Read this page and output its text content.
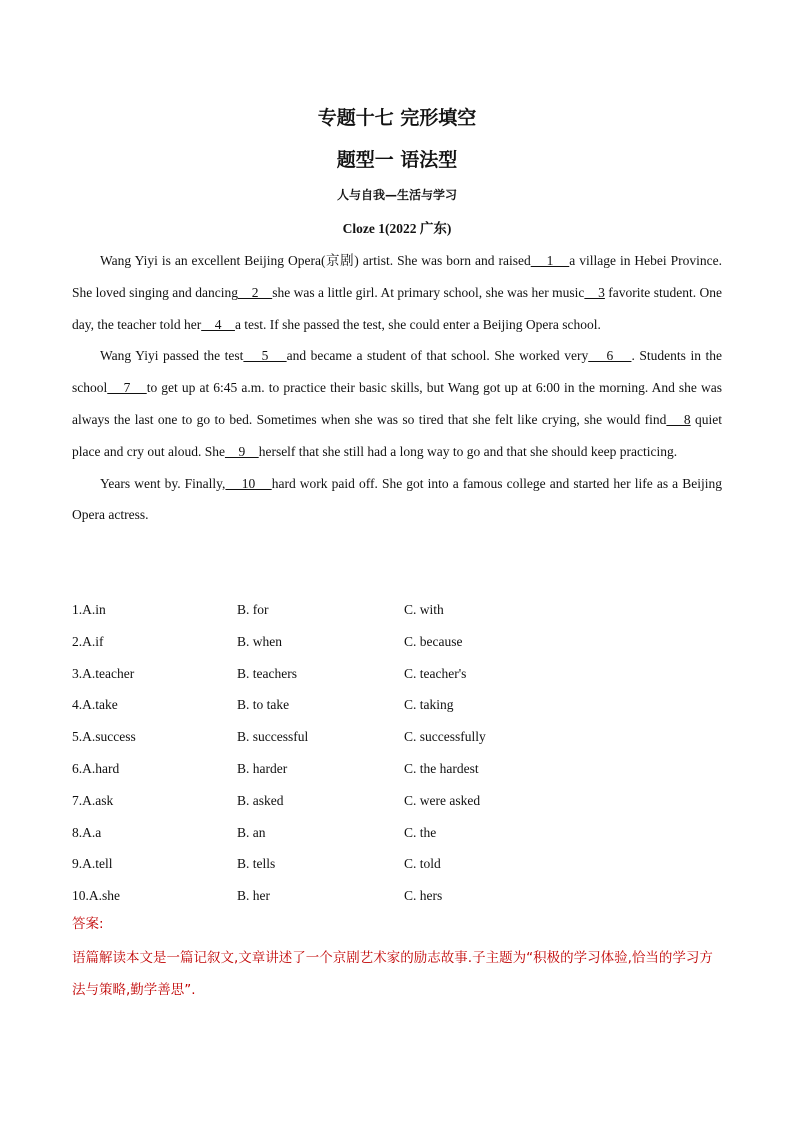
专题十七 完形填空
题型一 语法型
人与自我—生活与学习
Cloze 1(2022 广东)

Wang Yiyi is an excellent Beijing Opera(京剧) artist. She was born and raised    1    a village in Hebei Province. She loved singing and dancing    2    she was a little girl. At primary school, she was her music    3 favorite student. One day, the teacher told her    4    a test. If she passed the test, she could enter a Beijing Opera school.

Wang Yiyi passed the test    5    and became a student of that school. She worked very    6    . Students in the school    7    to get up at 6:45 a.m. to practice their basic skills, but Wang got up at 6:00 in the morning. And she was always the last one to go to bed. Sometimes when she was so tired that she felt like crying, she would find    8 quiet place and cry out aloud. She    9    herself that she still had a long way to go and that she should keep practicing.

Years went by. Finally,    10    hard work paid off. She got into a famous college and started her life as a Beijing Opera actress.

1.A.in	B. for	C. with
2.A.if	B. when	C. because
3.A.teacher	B. teachers	C. teacher's
4.A.take	B. to take	C. taking
5.A.success	B. successful	C. successfully
6.A.hard	B. harder	C. the hardest
7.A.ask	B. asked	C. were asked
8.A.a	B. an	C. the
9.A.tell	B. tells	C. told
10.A.she	B. her	C. hers
答案:
语篇解读本文是一篇记叙文,文章讲述了一个京剧艺术家的励志故事.子主题为“积极的学习体验,恰当的学习方法与策略,勤学善思”.
